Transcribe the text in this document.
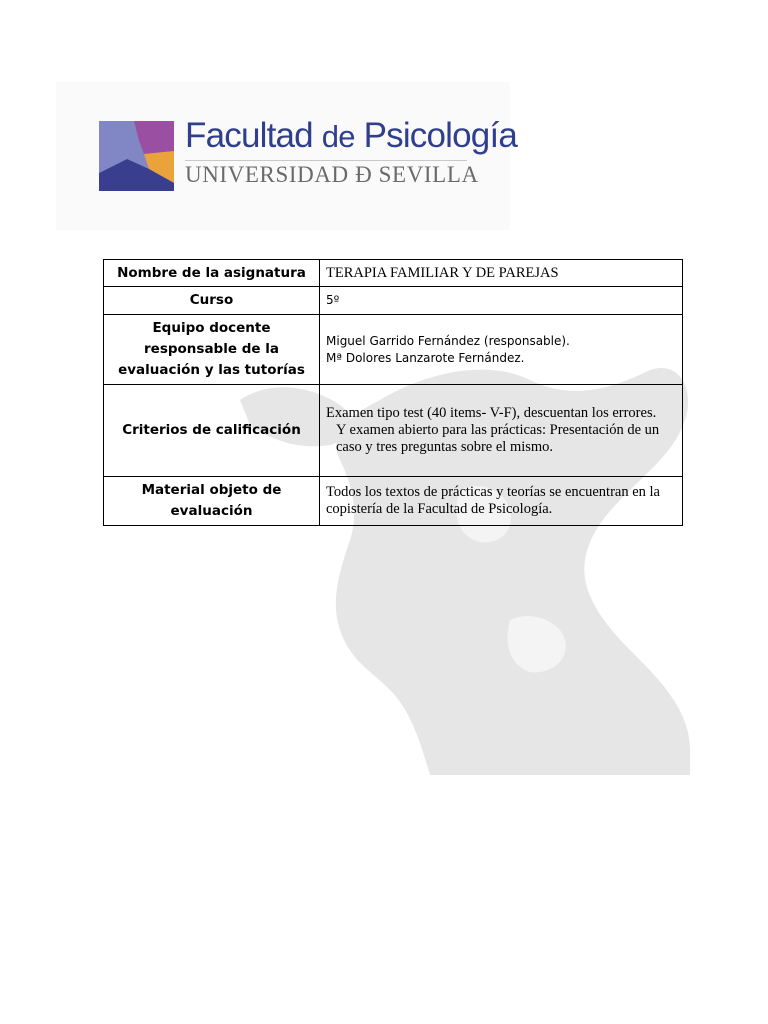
Facultad de Psicología
UNIVERSIDAD Ɖ SEVILLA
Nombre de la asignatura	TERAPIA FAMILIAR Y DE PAREJAS

Curso	5º

Equipo docente responsable de la evaluación y las tutorías	Miguel Garrido Fernández (responsable).
Mª Dolores Lanzarote Fernández.

Criterios de calificación	Examen tipo test (40 items- V-F), descuentan los errores.
Y examen abierto para las prácticas: Presentación de un caso y tres preguntas sobre el mismo.

Material objeto de evaluación	Todos los textos de prácticas y teorías se encuentran en la copistería de la Facultad de Psicología.
